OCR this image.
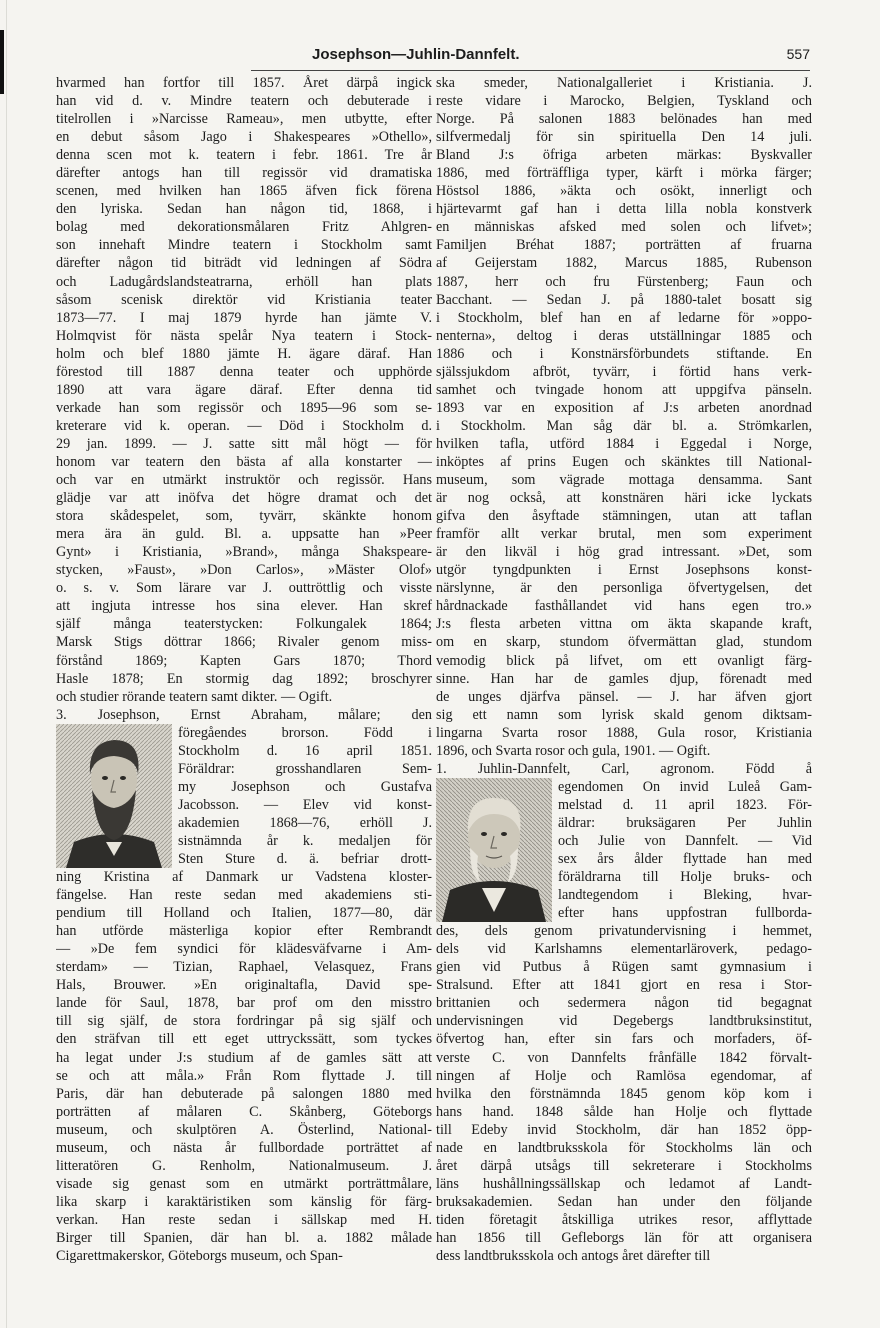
Josephson—Juhlin-Dannfelt.	557
hvarmed han fortfor till 1857. Året därpå ingick
han vid d. v. Mindre teatern och debuterade i
titelrollen i »Narcisse Rameau», men utbytte, efter
en debut såsom Jago i Shakespeares »Othello»,
denna scen mot k. teatern i febr. 1861. Tre år
därefter antogs han till regissör vid dramatiska
scenen, med hvilken han 1865 äfven fick förena
den lyriska. Sedan han någon tid, 1868, i
bolag med dekorationsmålaren Fritz Ahlgren-
son innehaft Mindre teatern i Stockholm samt
därefter någon tid biträdt vid ledningen af Södra
och Ladugårdslandsteatrarna, erhöll han plats
såsom scenisk direktör vid Kristiania teater
1873—77. I maj 1879 hyrde han jämte V.
Holmqvist för nästa spelår Nya teatern i Stock-
holm och blef 1880 jämte H. ägare däraf. Han
förestod till 1887 denna teater och upphörde
1890 att vara ägare däraf. Efter denna tid
verkade han som regissör och 1895—96 som se-
kreterare vid k. operan. — Död i Stockholm d.
29 jan. 1899. — J. satte sitt mål högt — för
honom var teatern den bästa af alla konstarter —
och var en utmärkt instruktör och regissör. Hans
glädje var att inöfva det högre dramat och det
stora skådespelet, som, tyvärr, skänkte honom
mera ära än guld. Bl. a. uppsatte han »Peer
Gynt» i Kristiania, »Brand», många Shakspeare-
stycken, »Faust», »Don Carlos», »Mäster Olof»
o. s. v. Som lärare var J. outtröttlig och visste
att ingjuta intresse hos sina elever. Han skref
själf många teaterstycken: Folkungalek 1864;
Marsk Stigs döttrar 1866; Rivaler genom miss-
förstånd 1869; Kapten Gars 1870; Thord
Hasle 1878; En stormig dag 1892; broschyrer
och studier rörande teatern samt dikter. — Ogift.
3. Josephson, Ernst Abraham, målare; den
föregåendes brorson. Född i
Stockholm d. 16 april 1851.
Föräldrar: grosshandlaren Sem-
my Josephson och Gustafva
Jacobsson. — Elev vid konst-
akademien 1868—76, erhöll J.
sistnämnda år k. medaljen för
Sten Sture d. ä. befriar drott-
ning Kristina af Danmark ur Vadstena kloster-
fängelse. Han reste sedan med akademiens sti-
pendium till Holland och Italien, 1877—80, där
han utförde mästerliga kopior efter Rembrandt
— »De fem syndici för klädesväfvarne i Am-
sterdam» — Tizian, Raphael, Velasquez, Frans
Hals, Brouwer. »En originaltafla, David spe-
lande för Saul, 1878, bar prof om den misstro
till sig själf, de stora fordringar på sig själf och
den sträfvan till ett eget uttryckssätt, som tyckes
ha legat under J:s studium af de gamles sätt att
se och att måla.» Från Rom flyttade J. till
Paris, där han debuterade på salongen 1880 med
porträtten af målaren C. Skånberg, Göteborgs
museum, och skulptören A. Österlind, National-
museum, och nästa år fullbordade porträttet af
litteratören G. Renholm, Nationalmuseum. J.
visade sig genast som en utmärkt porträttmålare,
lika skarp i karaktäristiken som känslig för färg-
verkan. Han reste sedan i sällskap med H.
Birger till Spanien, där han bl. a. 1882 målade
Cigarettmakerskor, Göteborgs museum, och Span-
ska smeder, Nationalgalleriet i Kristiania. J.
reste vidare i Marocko, Belgien, Tyskland och
Norge. På salonen 1883 belönades han med
silfvermedalj för sin spirituella Den 14 juli.
Bland J:s öfriga arbeten märkas: Byskvaller
1886, med förträffliga typer, kärft i mörka färger;
Höstsol 1886, »äkta och osökt, innerligt och
hjärtevarmt gaf han i detta lilla nobla konstverk
en människas afsked med solen och lifvet»;
Familjen Bréhat 1887; porträtten af fruarna
af Geijerstam 1882, Marcus 1885, Rubenson
1887, herr och fru Fürstenberg; Faun och
Bacchant. — Sedan J. på 1880-talet bosatt sig
i Stockholm, blef han en af ledarne för »oppo-
nenterna», deltog i deras utställningar 1885 och
1886 och i Konstnärsförbundets stiftande. En
själssjukdom afbröt, tyvärr, i förtid hans verk-
samhet och tvingade honom att uppgifva pänseln.
1893 var en exposition af J:s arbeten anordnad
i Stockholm. Man såg där bl. a. Strömkarlen,
hvilken tafla, utförd 1884 i Eggedal i Norge,
inköptes af prins Eugen och skänktes till National-
museum, som vägrade mottaga densamma. Sant
är nog också, att konstnären häri icke lyckats
gifva den åsyftade stämningen, utan att taflan
framför allt verkar brutal, men som experiment
är den likväl i hög grad intressant. »Det, som
utgör tyngdpunkten i Ernst Josephsons konst-
närslynne, är den personliga öfvertygelsen, det
hårdnackade fasthållandet vid hans egen tro.»
J:s flesta arbeten vittna om äkta skapande kraft,
om en skarp, stundom öfvermättan glad, stundom
vemodig blick på lifvet, om ett ovanligt färg-
sinne. Han har de gamles djup, förenadt med
de unges djärfva pänsel. — J. har äfven gjort
sig ett namn som lyrisk skald genom diktsam-
lingarna Svarta rosor 1888, Gula rosor, Kristiania
1896, och Svarta rosor och gula, 1901. — Ogift.
1. Juhlin-Dannfelt, Carl, agronom. Född å
egendomen On invid Luleå Gam-
melstad d. 11 april 1823. För-
äldrar: bruksägaren Per Juhlin
och Julie von Dannfelt. — Vid
sex års ålder flyttade han med
föräldrarna till Holje bruks- och
landtegendom i Bleking, hvar-
efter hans uppfostran fullborda-
des, dels genom privatundervisning i hemmet,
dels vid Karlshamns elementarläroverk, pedago-
gien vid Putbus å Rügen samt gymnasium i
Stralsund. Efter att 1841 gjort en resa i Stor-
brittanien och sedermera någon tid begagnat
undervisningen vid Degebergs landtbruksinstitut,
öfvertog han, efter sin fars och morfaders, öf-
verste C. von Dannfelts frånfälle 1842 förvalt-
ningen af Holje och Ramlösa egendomar, af
hvilka den förstnämnda 1845 genom köp kom i
hans hand. 1848 sålde han Holje och flyttade
till Edeby invid Stockholm, där han 1852 öpp-
nade en landtbruksskola för Stockholms län och
året därpå utsågs till sekreterare i Stockholms
läns hushållningssällskap och ledamot af Landt-
bruksakademien. Sedan han under den följande
tiden företagit åtskilliga utrikes resor, afflyttade
han 1856 till Gefleborgs län för att organisera
dess landtbruksskola och antogs året därefter till
